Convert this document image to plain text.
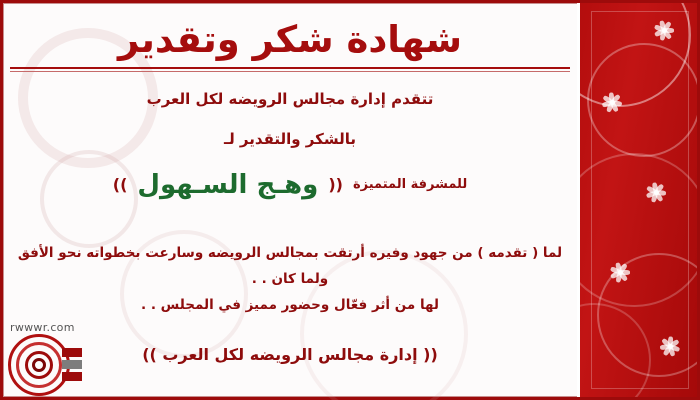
rwwwr.com
شهادة شكر وتقدير
تتقدم إدارة مجالس الرويضه لكل العرب
بالشكر والتقدير لـ
للمشرفة المتميزة
((
وهـج السـهول
))
لما ( تقدمه ) من جهود وفيره أرتقت بمجالس الرويضه وسارعت بخطواته نحو الأفق
ولما كان . .
لها من أثر فعّال وحضور مميز في المجلس . .
(( إدارة مجالس الرويضه لكل العرب ))
